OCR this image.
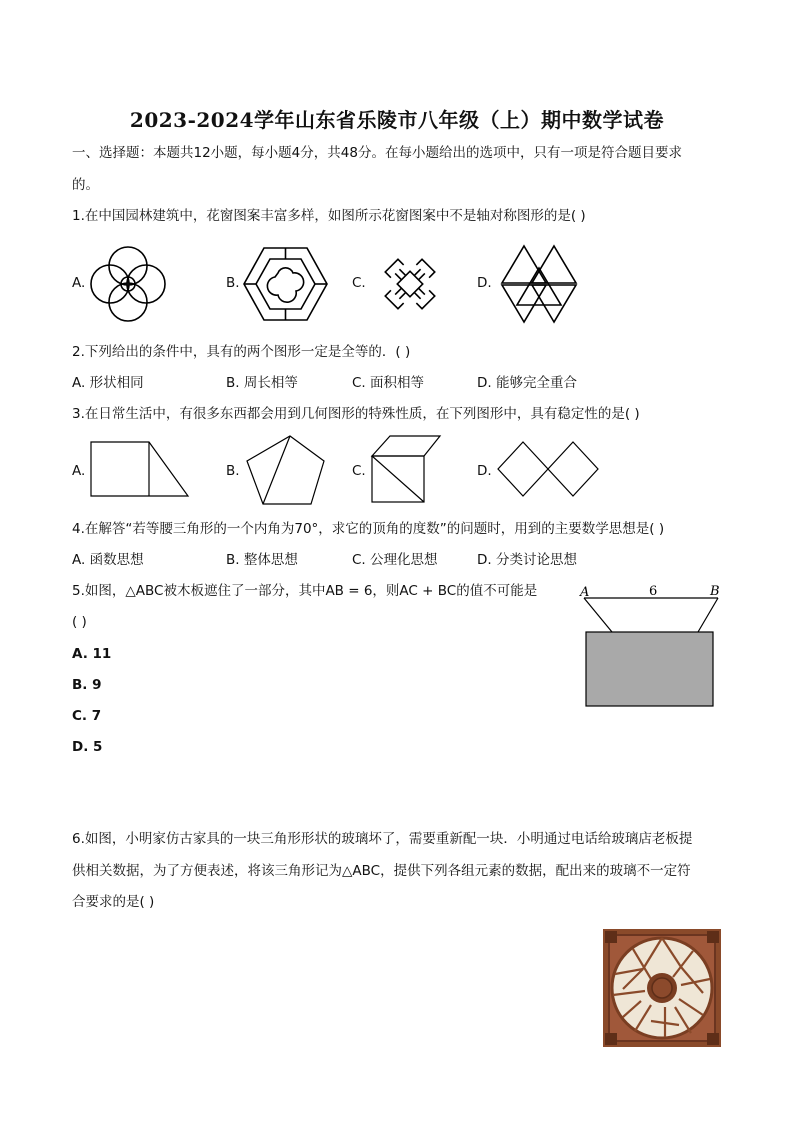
2023-2024学年山东省乐陵市八年级（上）期中数学试卷
一、选择题：本题共12小题，每小题4分，共48分。在每小题给出的选项中，只有一项是符合题目要求
的。
1.在中国园林建筑中，花窗图案丰富多样，如图所示花窗图案中不是轴对称图形的是( )
A.	B.	C.	D.
2.下列给出的条件中，具有的两个图形一定是全等的．( )
A. 形状相同	B. 周长相等	C. 面积相等	D. 能够完全重合
3.在日常生活中，有很多东西都会用到几何图形的特殊性质，在下列图形中，具有稳定性的是( )
A.	B.	C.	D.
4.在解答“若等腰三角形的一个内角为70°，求它的顶角的度数”的问题时，用到的主要数学思想是( )
A. 函数思想	B. 整体思想	C. 公理化思想	D. 分类讨论思想
5.如图，△ABC被木板遮住了一部分，其中AB = 6，则AC + BC的值不可能是
( )
A. 11
B. 9
C. 7
D. 5
A	B
6
6.如图，小明家仿古家具的一块三角形形状的玻璃坏了，需要重新配一块．小明通过电话给玻璃店老板提
供相关数据，为了方便表述，将该三角形记为△ABC，提供下列各组元素的数据，配出来的玻璃不一定符
合要求的是( )
